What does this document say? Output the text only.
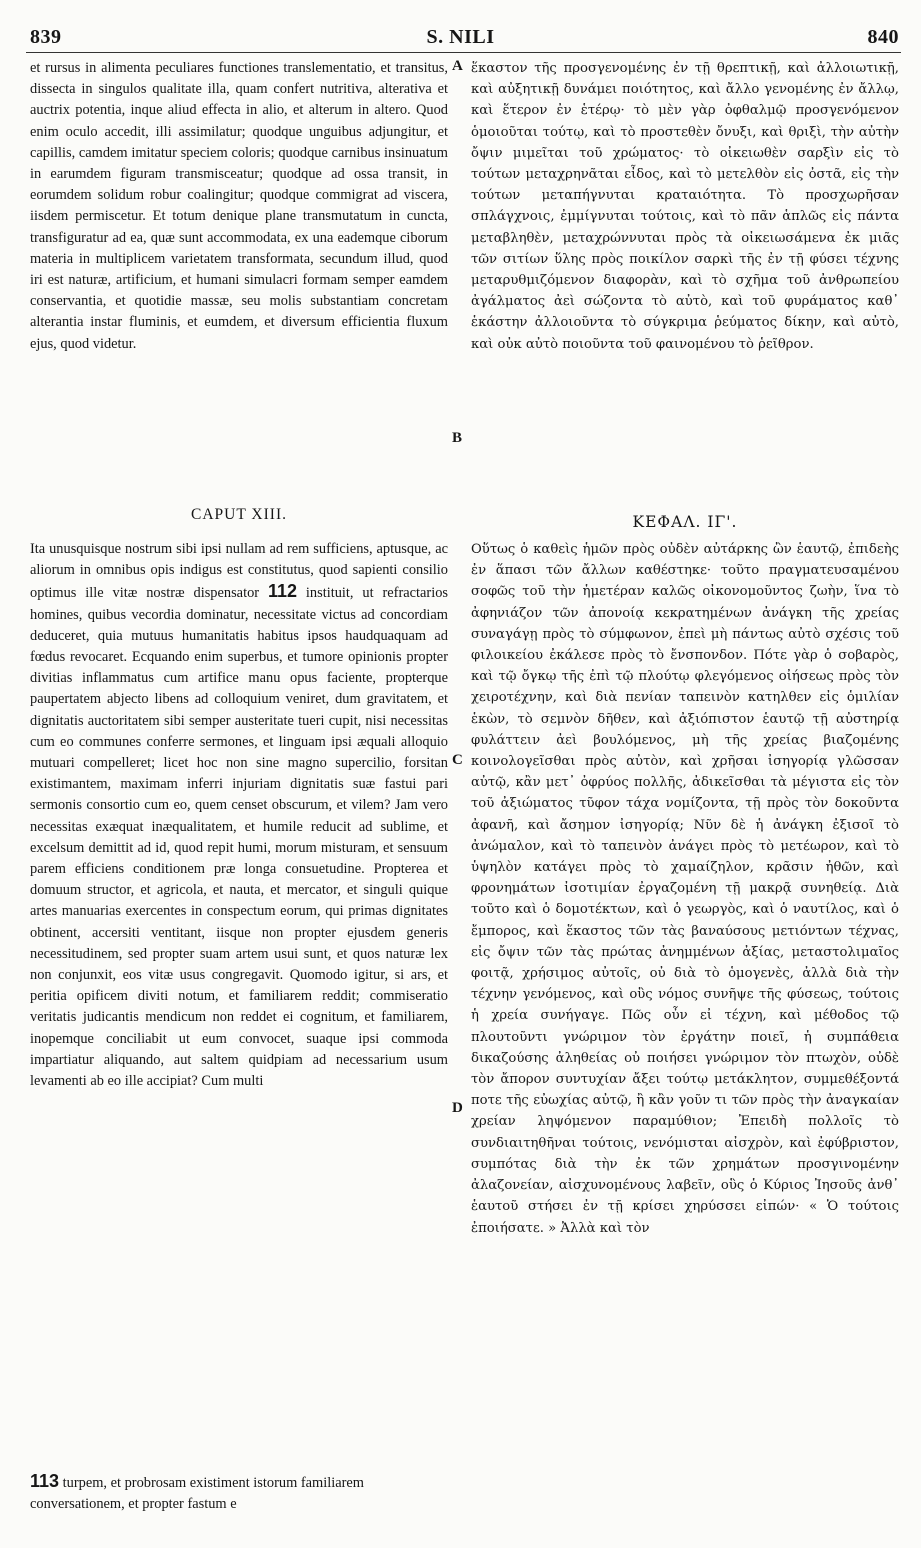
839	S. NILI	840

et rursus in alimenta peculiares functiones translementatio, et transitus, dissecta in singulos qualitate illa, quam confert nutritiva, alterativa et auctrix potentia, inque aliud effecta in alio, et alterum in altero. Quod enim oculo accedit, illi assimilatur; quodque unguibus adjungitur, et capillis, camdem imitatur speciem coloris; quodque carnibus insinuatum in earumdem figuram transmisceatur; quodque ad ossa transit, in eorumdem solidum robur coalingitur; quodque commigrat ad viscera, iisdem permiscetur. Et totum denique plane transmutatum in cuncta, transfiguratur ad ea, quæ sunt accommodata, ex una eademque ciborum materia in multiplicem varietatem transformata, secundum illud, quod iri est naturæ, artificium, et humani simulacri formam semper eamdem conservantia, et quotidie massæ, seu molis substantiam concretam alterantia instar fluminis, et eumdem, et diversum efficientia fluxum ejus, quod videtur.

ἕκαστον τῆς προσγενομένης ἐν τῇ θρεπτικῇ, καὶ ἀλλοιωτικῇ, καὶ αὐξητικῇ δυνάμει ποιότητος, καὶ ἄλλο γενομένης ἐν ἄλλῳ, καὶ ἕτερον ἐν ἑτέρῳ· τὸ μὲν γὰρ ὀφθαλμῷ προσγενόμενον ὁμοιοῦται τούτῳ, καὶ τὸ προστεθὲν ὄνυξι, καὶ θριξὶ, τὴν αὐτὴν ὄψιν μιμεῖται τοῦ χρώματος· τὸ οἰκειωθὲν σαρξὶν εἰς τὸ τούτων μεταχρηνᾶται εἶδος, καὶ τὸ μετελθὸν εἰς ὀστᾶ, εἰς τὴν τούτων μεταπήγνυται κραταιότητα. Τὸ προσχωρῆσαν σπλάγχνοις, ἐμμίγνυται τούτοις, καὶ τὸ πᾶν ἁπλῶς εἰς πάντα μεταβληθὲν, μεταχρώννυται πρὸς τὰ οἰκειωσάμενα ἐκ μιᾶς τῶν σιτίων ὕλης πρὸς ποικίλον σαρκὶ τῆς ἐν τῇ φύσει τέχνης μεταρυθμιζόμενον διαφορὰν, καὶ τὸ σχῆμα τοῦ ἀνθρωπείου ἀγάλματος ἀεὶ σώζοντα τὸ αὐτὸ, καὶ τοῦ φυράματος καθ᾽ ἑκάστην ἀλλοιοῦντα τὸ σύγκριμα ῥεύματος δίκην, καὶ αὐτὸ, καὶ οὐκ αὐτὸ ποιοῦντα τοῦ φαινομένου τὸ ῥεῖθρον.

A
B
C
D
CAPUT XIII.	ΚΕΦΑΛ. ΙΓ'.

Ita unusquisque nostrum sibi ipsi nullam ad rem sufficiens, aptusque, ac aliorum in omnibus opis indigus est constitutus, quod sapienti consilio optimus ille vitæ nostræ dispensator 112 instituit, ut refractarios homines, quibus vecordia dominatur, necessitate victus ad concordiam deduceret, quia mutuus humanitatis habitus ipsos haudquaquam ad fœdus revocaret. Ecquando enim superbus, et tumore opinionis propter divitias inflammatus cum artifice manu opus faciente, propterque paupertatem abjecto libens ad colloquium veniret, dum gravitatem, et dignitatis auctoritatem sibi semper austeritate tueri cupit, nisi necessitas cum eo communes conferre sermones, et linguam ipsi æquali alloquio mutuari compelleret; licet hoc non sine magno supercilio, forsitan existimantem, maximam inferri injuriam dignitatis suæ fastui pari sermonis consortio cum eo, quem censet obscurum, et vilem? Jam vero necessitas exæquat inæqualitatem, et humile reducit ad sublime, et excelsum demittit ad id, quod repit humi, morum misturam, et sensuum parem efficiens conditionem præ longa consuetudine. Propterea et domuum structor, et agricola, et nauta, et mercator, et singuli quique artes manuarias exercentes in conspectum eorum, qui primas dignitates obtinent, accersiti ventitant, iisque non propter ejusdem generis necessitudinem, sed propter suam artem usui sunt, et quos naturæ lex non conjunxit, eos vitæ usus congregavit. Quomodo igitur, si ars, et peritia opificem diviti notum, et familiarem reddit; commiseratio veritatis judicantis mendicum non reddet ei cognitum, et familiarem, inopemque conciliabit ut eum convocet, suaque ipsi commoda impartiatur aliquando, aut saltem quidpiam ad necessarium usum levamenti ab eo ille accipiat? Cum multi

113 turpem, et probrosam existiment istorum familiarem conversationem, et propter fastum e

Οὕτως ὁ καθεὶς ἡμῶν πρὸς οὐδὲν αὐτάρκης ὢν ἑαυτῷ, ἐπιδεὴς ἐν ἅπασι τῶν ἄλλων καθέστηκε· τοῦτο πραγματευσαμένου σοφῶς τοῦ τὴν ἡμετέραν καλῶς οἰκονομοῦντος ζωὴν, ἵνα τὸ ἀφηνιάζον τῶν ἀπονοίᾳ κεκρατημένων ἀνάγκη τῆς χρείας συναγάγῃ πρὸς τὸ σύμφωνον, ἐπεὶ μὴ πάντως αὐτὸ σχέσις τοῦ φιλοικείου ἐκάλεσε πρὸς τὸ ἔνσπονδον. Πότε γὰρ ὁ σοβαρὸς, καὶ τῷ ὄγκῳ τῆς ἐπὶ τῷ πλούτῳ φλεγόμενος οἰήσεως πρὸς τὸν χειροτέχνην, καὶ διὰ πενίαν ταπεινὸν κατηλθεν εἰς ὁμιλίαν ἑκὼν, τὸ σεμνὸν δῆθεν, καὶ ἀξιόπιστον ἑαυτῷ τῇ αὐστηρίᾳ φυλάττειν ἀεὶ βουλόμενος, μὴ τῆς χρείας βιαζομένης κοινολογεῖσθαι πρὸς αὐτὸν, καὶ χρῆσαι ἰσηγορίᾳ γλῶσσαν αὐτῷ, κἂν μετ᾽ ὀφρύος πολλῆς, ἀδικεῖσθαι τὰ μέγιστα εἰς τὸν τοῦ ἀξιώματος τῦφον τάχα νομίζοντα, τῇ πρὸς τὸν δοκοῦντα ἀφανῆ, καὶ ἄσημον ἰσηγορίᾳ; Νῦν δὲ ἡ ἀνάγκη ἐξισοῖ τὸ ἀνώμαλον, καὶ τὸ ταπεινὸν ἀνάγει πρὸς τὸ μετέωρον, καὶ τὸ ὑψηλὸν κατάγει πρὸς τὸ χαμαίζηλον, κρᾶσιν ἠθῶν, καὶ φρονημάτων ἰσοτιμίαν ἐργαζομένη τῇ μακρᾷ συνηθείᾳ. Διὰ τοῦτο καὶ ὁ δομοτέκτων, καὶ ὁ γεωργὸς, καὶ ὁ ναυτίλος, καὶ ὁ ἔμπορος, καὶ ἕκαστος τῶν τὰς βαναύσους μετιόντων τέχνας, εἰς ὄψιν τῶν τὰς πρώτας ἀνημμένων ἀξίας, μεταστολιμαῖος φοιτᾷ, χρήσιμος αὐτοῖς, οὐ διὰ τὸ ὁμογενὲς, ἀλλὰ διὰ τὴν τέχνην γενόμενος, καὶ οὓς νόμος συνῆψε τῆς φύσεως, τούτοις ἡ χρεία συνήγαγε. Πῶς οὖν εἰ τέχνη, καὶ μέθοδος τῷ πλουτοῦντι γνώριμον τὸν ἐργάτην ποιεῖ, ἡ συμπάθεια δικαζούσης ἀληθείας οὐ ποιήσει γνώριμον τὸν πτωχὸν, οὐδὲ τὸν ἄπορον συντυχίαν ἄξει τούτῳ μετάκλητον, συμμεθέξοντά ποτε τῆς εὐωχίας αὐτῷ, ἢ κἂν γοῦν τι τῶν πρὸς τὴν ἀναγκαίαν χρείαν ληψόμενον παραμύθιον; Ἐπειδὴ πολλοῖς τὸ συνδιαιτηθῆναι τούτοις, νενόμισται αἰσχρὸν, καὶ ἐφύβριστον, συμπότας διὰ τὴν ἐκ τῶν χρημάτων προσγινομένην ἀλαζονείαν, αἰσχυνομένους λαβεῖν, οὓς ὁ Κύριος Ἰησοῦς ἀνθ᾽ ἑαυτοῦ στήσει ἐν τῇ κρίσει χηρύσσει εἰπών· « Ὁ τούτοις ἐποιήσατε. » Ἀλλὰ καὶ τὸν
